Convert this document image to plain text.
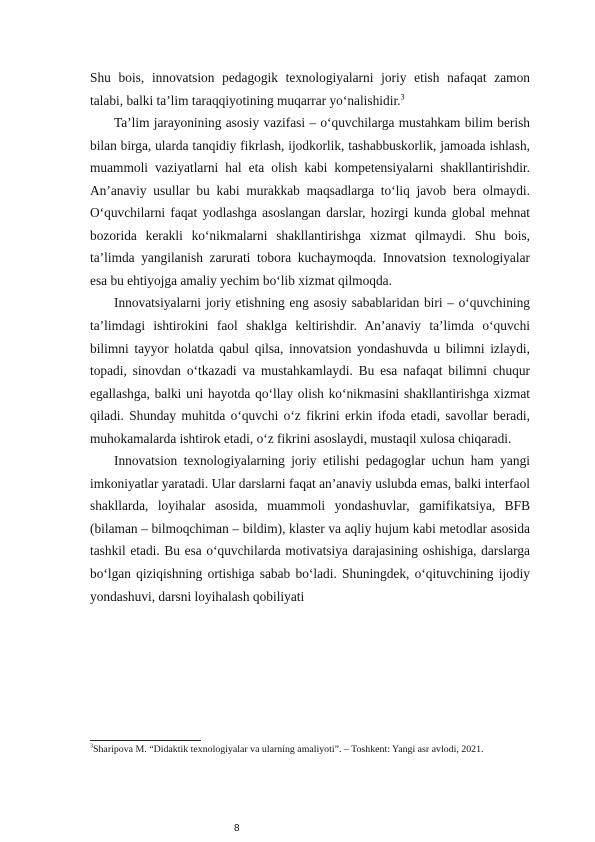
Shu bois, innovatsion pedagogik texnologiyalarni joriy etish nafaqat zamon talabi, balki ta’lim taraqqiyotining muqarrar yo‘nalishidir.$^3$

Ta’lim jarayonining asosiy vazifasi – o‘quvchilarga mustahkam bilim berish bilan birga, ularda tanqidiy fikrlash, ijodkorlik, tashabbuskorlik, jamoada ishlash, muammoli vaziyatlarni hal eta olish kabi kompetensiyalarni shakllantirishdir. An’anaviy usullar bu kabi murakkab maqsadlarga to‘liq javob bera olmaydi. O‘quvchilarni faqat yodlashga asoslangan darslar, hozirgi kunda global mehnat bozorida kerakli ko‘nikmalarni shakllantirishga xizmat qilmaydi. Shu bois, ta’limda yangilanish zarurati tobora kuchaymoqda. Innovatsion texnologiyalar esa bu ehtiyojga amaliy yechim bo‘lib xizmat qilmoqda.

Innovatsiyalarni joriy etishning eng asosiy sabablaridan biri – o‘quvchining ta’limdagi ishtirokini faol shaklga keltirishdir. An’anaviy ta’limda o‘quvchi bilimni tayyor holatda qabul qilsa, innovatsion yondashuvda u bilimni izlaydi, topadi, sinovdan o‘tkazadi va mustahkamlaydi. Bu esa nafaqat bilimni chuqur egallashga, balki uni hayotda qo‘llay olish ko‘nikmasini shakllantirishga xizmat qiladi. Shunday muhitda o‘quvchi o‘z fikrini erkin ifoda etadi, savollar beradi, muhokamalarda ishtirok etadi, o‘z fikrini asoslaydi, mustaqil xulosa chiqaradi.

Innovatsion texnologiyalarning joriy etilishi pedagoglar uchun ham yangi imkoniyatlar yaratadi. Ular darslarni faqat an’anaviy uslubda emas, balki interfaol shakllarda, loyihalar asosida, muammoli yondashuvlar, gamifikatsiya, BFB (bilaman – bilmoqchiman – bildim), klaster va aqliy hujum kabi metodlar asosida tashkil etadi. Bu esa o‘quvchilarda motivatsiya darajasining oshishiga, darslarga bo‘lgan qiziqishning ortishiga sabab bo‘ladi. Shuningdek, o‘qituvchining ijodiy yondashuvi, darsni loyihalash qobiliyati

$^3$Sharipova M. “Didaktik texnologiyalar va ularning amaliyoti”. – Toshkent: Yangi asr avlodi, 2021.
8
